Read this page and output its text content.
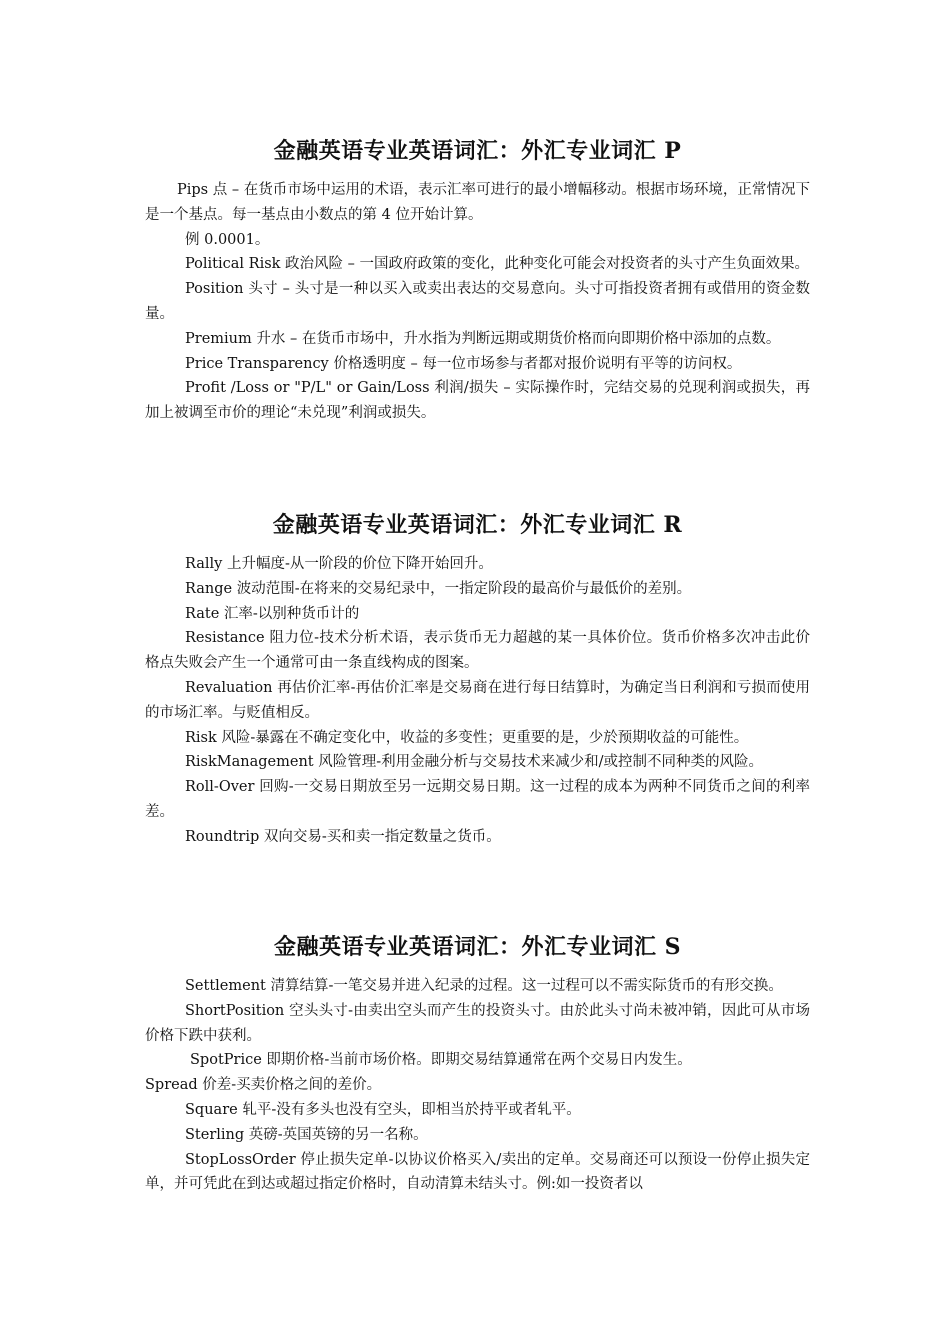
金融英语专业英语词汇：外汇专业词汇 P

Pips 点 – 在货币市场中运用的术语，表示汇率可进行的最小增幅移动。根据市场环境，正常情况下是一个基点。每一基点由小数点的第 4 位开始计算。

例 0.0001。

Political Risk 政治风险 – 一国政府政策的变化，此种变化可能会对投资者的头寸产生负面效果。

Position 头寸 – 头寸是一种以买入或卖出表达的交易意向。头寸可指投资者拥有或借用的资金数量。

Premium 升水 – 在货币市场中，升水指为判断远期或期货价格而向即期价格中添加的点数。

Price Transparency 价格透明度 – 每一位市场参与者都对报价说明有平等的访问权。

Profit /Loss or "P/L" or Gain/Loss 利润/损失 – 实际操作时，完结交易的兑现利润或损失，再加上被调至市价的理论“未兑现”利润或损失。

金融英语专业英语词汇：外汇专业词汇 R

Rally 上升幅度-从一阶段的价位下降开始回升。

Range 波动范围-在将来的交易纪录中，一指定阶段的最高价与最低价的差别。

Rate 汇率-以别种货币计的

Resistance 阻力位-技术分析术语，表示货币无力超越的某一具体价位。货币价格多次冲击此价格点失败会产生一个通常可由一条直线构成的图案。

Revaluation 再估价汇率-再估价汇率是交易商在进行每日结算时，为确定当日利润和亏损而使用的市场汇率。与贬值相反。

Risk 风险-暴露在不确定变化中，收益的多变性；更重要的是，少於预期收益的可能性。

RiskManagement 风险管理-利用金融分析与交易技术来减少和/或控制不同种类的风险。

Roll-Over 回购-一交易日期放至另一远期交易日期。这一过程的成本为两种不同货币之间的利率差。

Roundtrip 双向交易-买和卖一指定数量之货币。

金融英语专业英语词汇：外汇专业词汇 S

Settlement 清算结算-一笔交易并进入纪录的过程。这一过程可以不需实际货币的有形交换。

ShortPosition 空头头寸-由卖出空头而产生的投资头寸。由於此头寸尚未被冲销，因此可从市场价格下跌中获利。

SpotPrice 即期价格-当前市场价格。即期交易结算通常在两个交易日内发生。

Spread 价差-买卖价格之间的差价。

Square 轧平-没有多头也没有空头，即相当於持平或者轧平。

Sterling 英磅-英国英镑的另一名称。

StopLossOrder 停止损失定单-以协议价格买入/卖出的定单。交易商还可以预设一份停止损失定单，并可凭此在到达或超过指定价格时，自动清算未结头寸。例:如一投资者以
